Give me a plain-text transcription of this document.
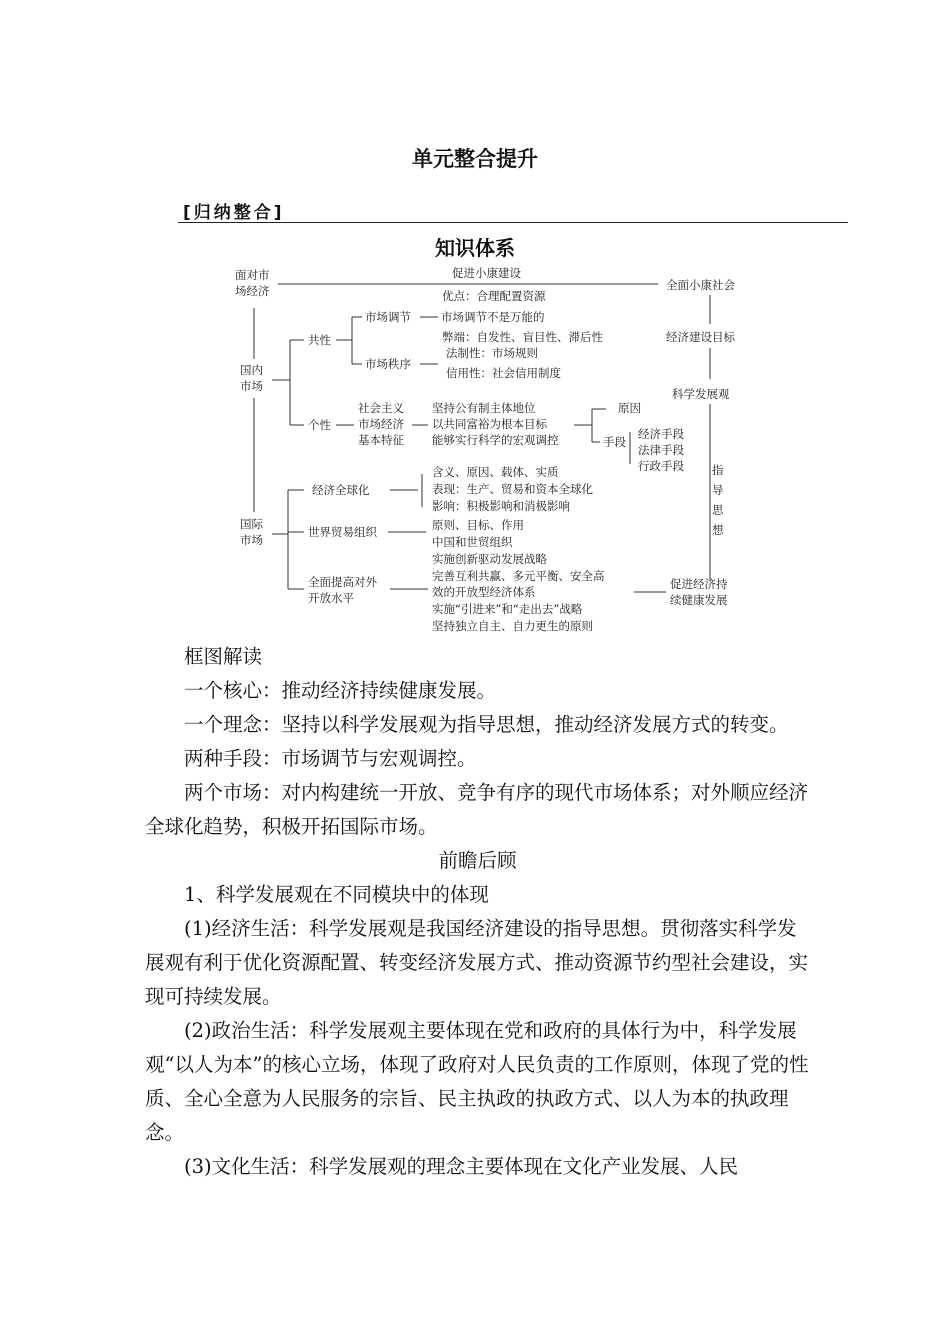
单元整合提升
[归纳整合]
知识体系
面对市
场经济
国内
市场
国际
市场
促进小康建设
全面小康社会
经济建设目标
科学发展观
指
导
思
想
促进经济持
续健康发展
共性
市场调节
优点：合理配置资源
市场调节不是万能的
弊端：自发性、盲目性、滞后性
市场秩序
法制性：市场规则
信用性：社会信用制度
个性
社会主义
市场经济
基本特征
坚持公有制主体地位
以共同富裕为根本目标
能够实行科学的宏观调控
原因
手段
经济手段
法律手段
行政手段
经济全球化
含义、原因、载体、实质
表现：生产、贸易和资本全球化
影响：积极影响和消极影响
世界贸易组织	原则、目标、作用
中国和世贸组织
全面提高对外
开放水平
实施创新驱动发展战略
完善互利共赢、多元平衡、安全高
效的开放型经济体系
实施“引进来”和“走出去”战略
坚持独立自主、自力更生的原则

框图解读

一个核心：推动经济持续健康发展。

一个理念：坚持以科学发展观为指导思想，推动经济发展方式的转变。

两种手段：市场调节与宏观调控。

两个市场：对内构建统一开放、竞争有序的现代市场体系；对外顺应经济全球化趋势，积极开拓国际市场。

前瞻后顾

1、科学发展观在不同模块中的体现

(1)经济生活：科学发展观是我国经济建设的指导思想。贯彻落实科学发展观有利于优化资源配置、转变经济发展方式、推动资源节约型社会建设，实现可持续发展。

(2)政治生活：科学发展观主要体现在党和政府的具体行为中，科学发展观“以人为本”的核心立场，体现了政府对人民负责的工作原则，体现了党的性质、全心全意为人民服务的宗旨、民主执政的执政方式、以人为本的执政理念。

(3)文化生活：科学发展观的理念主要体现在文化产业发展、人民
